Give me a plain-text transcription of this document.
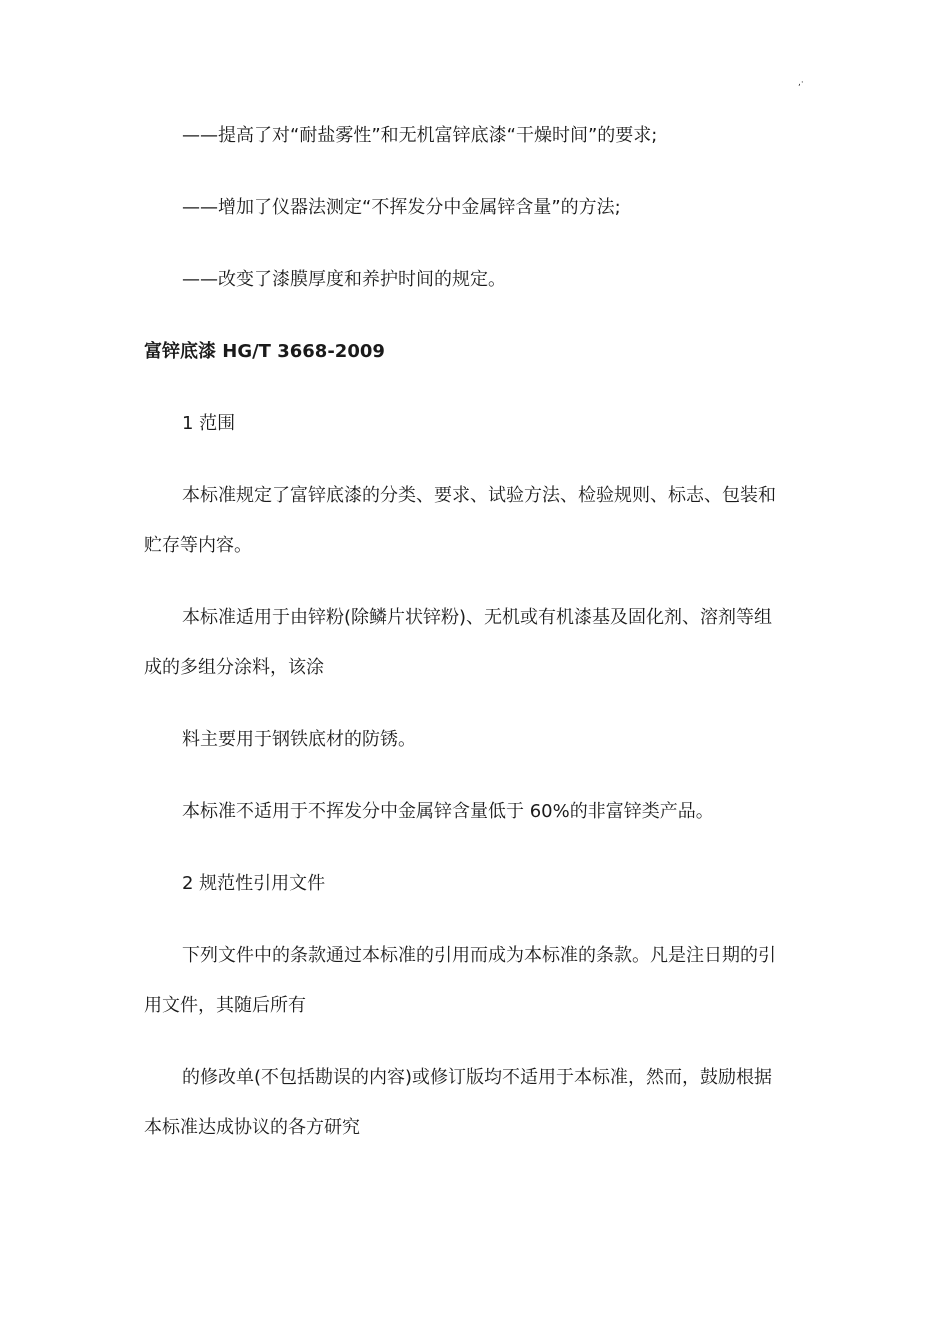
,·
——提高了对“耐盐雾性”和无机富锌底漆“干燥时间”的要求;
——增加了仪器法测定“不挥发分中金属锌含量”的方法;
——改变了漆膜厚度和养护时间的规定。
富锌底漆 HG/T 3668-2009
1 范围
本标准规定了富锌底漆的分类、要求、试验方法、检验规则、标志、包装和
贮存等内容。
本标准适用于由锌粉(除鳞片状锌粉)、无机或有机漆基及固化剂、溶剂等组
成的多组分涂料，该涂
料主要用于钢铁底材的防锈。
本标准不适用于不挥发分中金属锌含量低于 60%的非富锌类产品。
2 规范性引用文件
下列文件中的条款通过本标准的引用而成为本标准的条款。凡是注日期的引
用文件，其随后所有
的修改单(不包括勘误的内容)或修订版均不适用于本标准，然而，鼓励根据
本标准达成协议的各方研究
